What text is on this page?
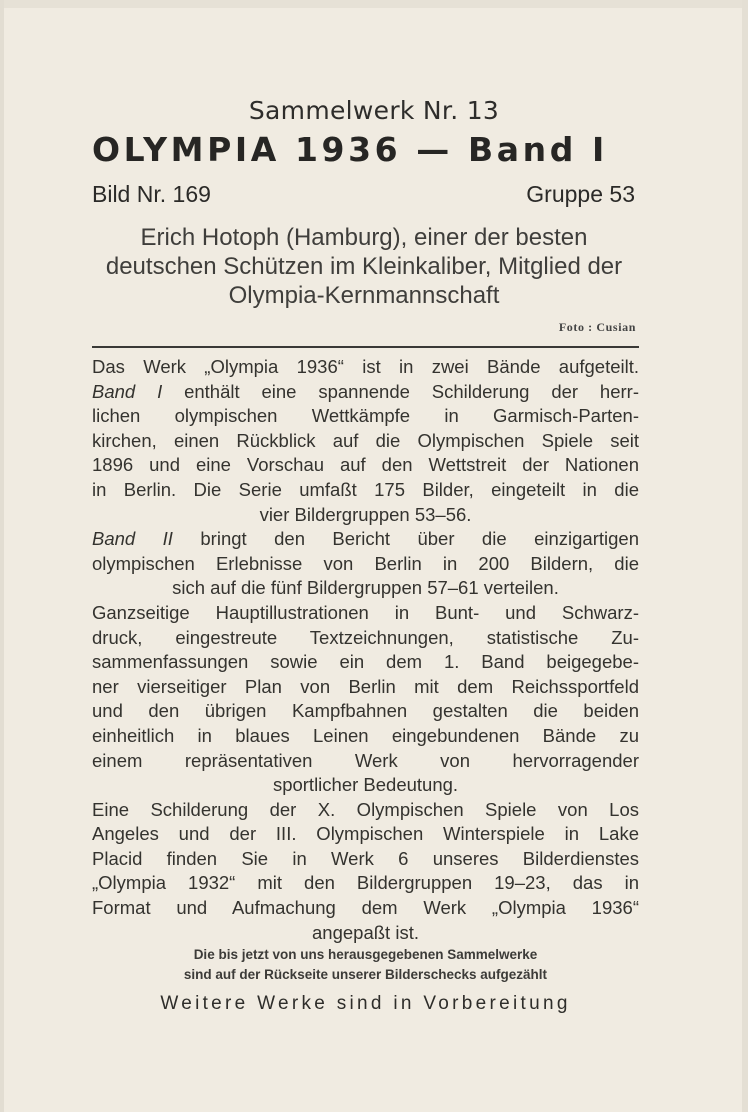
Sammelwerk Nr. 13
OLYMPIA 1936 — Band I
Bild Nr. 169	Gruppe 53

Erich Hotoph (Hamburg), einer der besten deutschen Schützen im Kleinkaliber, Mitglied der Olympia-Kernmannschaft

Foto : Cusian

Das Werk „Olympia 1936“ ist in zwei Bände aufgeteilt.

Band I enthält eine spannende Schilderung der herr-

lichen olympischen Wettkämpfe in Garmisch-Parten-

kirchen, einen Rückblick auf die Olympischen Spiele seit

1896 und eine Vorschau auf den Wettstreit der Nationen

in Berlin. Die Serie umfaßt 175 Bilder, eingeteilt in die

vier Bildergruppen 53–56.

Band II bringt den Bericht über die einzigartigen

olympischen Erlebnisse von Berlin in 200 Bildern, die

sich auf die fünf Bildergruppen 57–61 verteilen.

Ganzseitige Hauptillustrationen in Bunt- und Schwarz-

druck, eingestreute Textzeichnungen, statistische Zu-

sammenfassungen sowie ein dem 1. Band beigegebe-

ner vierseitiger Plan von Berlin mit dem Reichssportfeld

und den übrigen Kampfbahnen gestalten die beiden

einheitlich in blaues Leinen eingebundenen Bände zu

einem repräsentativen Werk von hervorragender

sportlicher Bedeutung.

Eine Schilderung der X. Olympischen Spiele von Los

Angeles und der III. Olympischen Winterspiele in Lake

Placid finden Sie in Werk 6 unseres Bilderdienstes

„Olympia 1932“ mit den Bildergruppen 19–23, das in

Format und Aufmachung dem Werk „Olympia 1936“

angepaßt ist.

Die bis jetzt von uns herausgegebenen Sammelwerke

sind auf der Rückseite unserer Bilderschecks aufgezählt

Weitere Werke sind in Vorbereitung
